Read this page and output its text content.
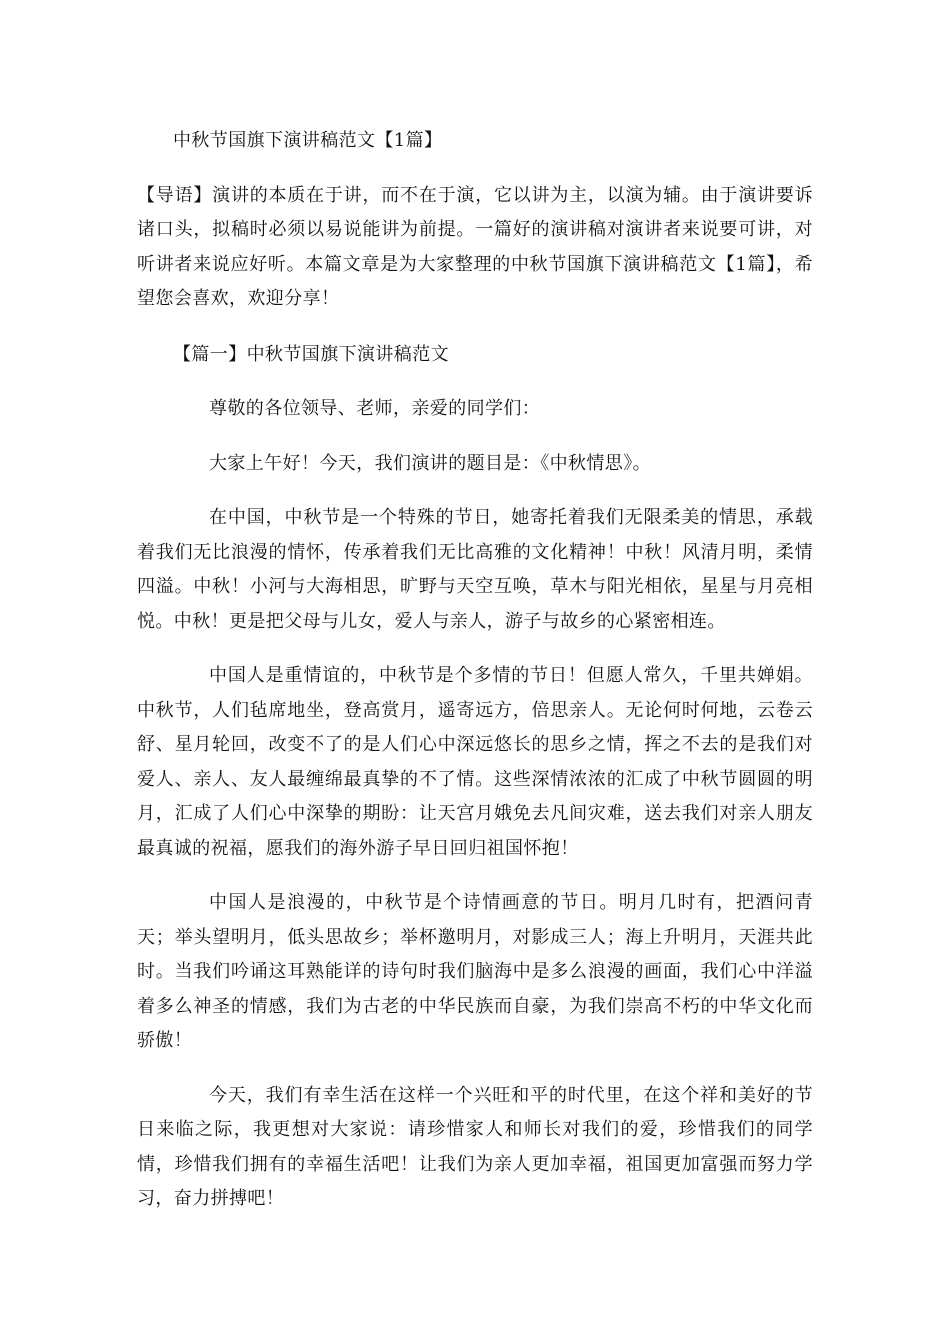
中秋节国旗下演讲稿范文【1篇】

【导语】演讲的本质在于讲，而不在于演，它以讲为主，以演为辅。由于演讲要诉诸口头，拟稿时必须以易说能讲为前提。一篇好的演讲稿对演讲者来说要可讲，对听讲者来说应好听。本篇文章是为大家整理的中秋节国旗下演讲稿范文【1篇】，希望您会喜欢，欢迎分享！

【篇一】中秋节国旗下演讲稿范文

尊敬的各位领导、老师，亲爱的同学们：

大家上午好！今天，我们演讲的题目是：《中秋情思》。

在中国，中秋节是一个特殊的节日，她寄托着我们无限柔美的情思，承载着我们无比浪漫的情怀，传承着我们无比高雅的文化精神！中秋！风清月明，柔情四溢。中秋！小河与大海相思，旷野与天空互唤，草木与阳光相依，星星与月亮相悦。中秋！更是把父母与儿女，爱人与亲人，游子与故乡的心紧密相连。

中国人是重情谊的，中秋节是个多情的节日！但愿人常久，千里共婵娟。中秋节，人们毡席地坐，登高赏月，遥寄远方，倍思亲人。无论何时何地，云卷云舒、星月轮回，改变不了的是人们心中深远悠长的思乡之情，挥之不去的是我们对爱人、亲人、友人最缠绵最真挚的不了情。这些深情浓浓的汇成了中秋节圆圆的明月，汇成了人们心中深挚的期盼：让天宫月娥免去凡间灾难，送去我们对亲人朋友最真诚的祝福，愿我们的海外游子早日回归祖国怀抱！

中国人是浪漫的，中秋节是个诗情画意的节日。明月几时有，把酒问青天；举头望明月，低头思故乡；举杯邀明月，对影成三人；海上升明月，天涯共此时。当我们吟诵这耳熟能详的诗句时我们脑海中是多么浪漫的画面，我们心中洋溢着多么神圣的情感，我们为古老的中华民族而自豪，为我们崇高不朽的中华文化而骄傲！

今天，我们有幸生活在这样一个兴旺和平的时代里，在这个祥和美好的节日来临之际，我更想对大家说：请珍惜家人和师长对我们的爱，珍惜我们的同学情，珍惜我们拥有的幸福生活吧！让我们为亲人更加幸福，祖国更加富强而努力学习，奋力拼搏吧！
